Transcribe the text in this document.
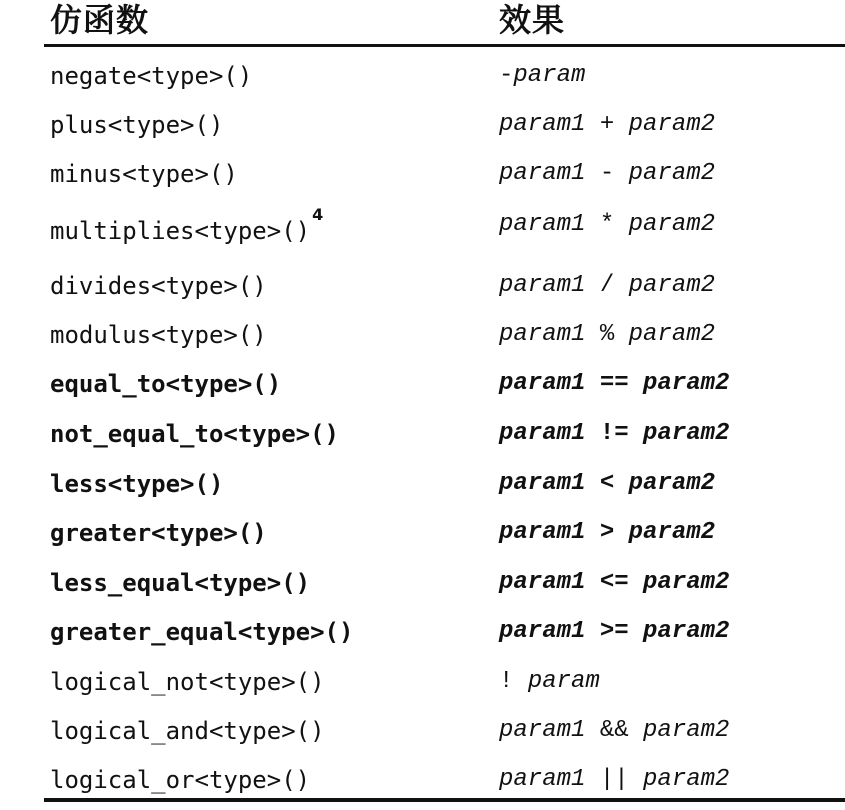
仿函数	效果
negate<type>()	-param
plus<type>()	param1 + param2
minus<type>()	param1 - param2
multiplies<type>()$^4$	param1 * param2
divides<type>()	param1 / param2
modulus<type>()	param1 % param2
equal_to<type>()	param1 == param2
not_equal_to<type>()	param1 != param2
less<type>()	param1 < param2
greater<type>()	param1 > param2
less_equal<type>()	param1 <= param2
greater_equal<type>()	param1 >= param2
logical_not<type>()	! param
logical_and<type>()	param1 && param2
logical_or<type>()	param1 || param2
